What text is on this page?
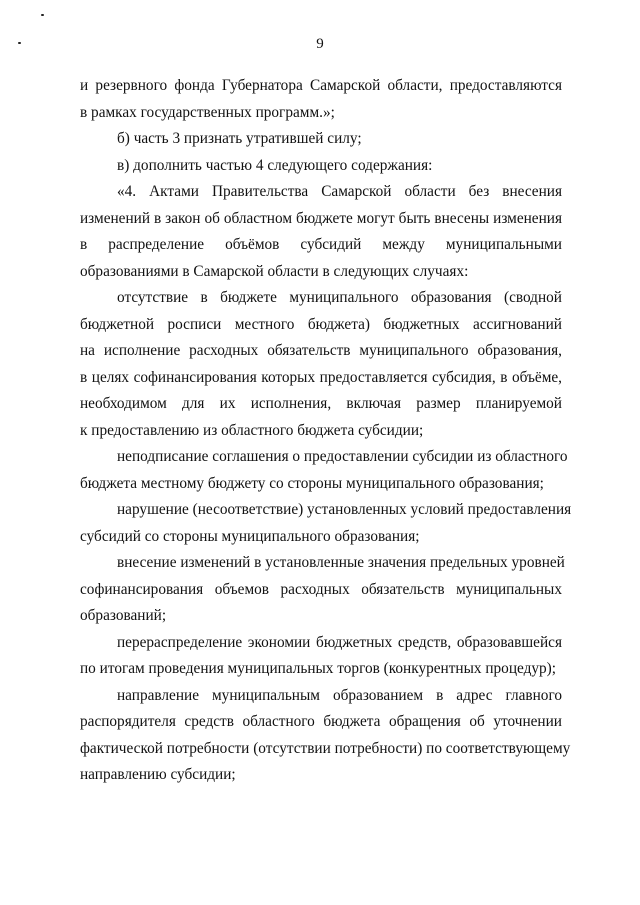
9
и резервного фонда Губернатора Самарской области, предоставляются
в рамках государственных программ.»;
б) часть 3 признать утратившей силу;
в) дополнить частью 4 следующего содержания:
«4. Актами Правительства Самарской области без внесения
изменений в закон об областном бюджете могут быть внесены изменения
в распределение объёмов субсидий между муниципальными
образованиями в Самарской области в следующих случаях:
отсутствие в бюджете муниципального образования (сводной
бюджетной росписи местного бюджета) бюджетных ассигнований
на исполнение расходных обязательств муниципального образования,
в целях софинансирования которых предоставляется субсидия, в объёме,
необходимом для их исполнения, включая размер планируемой
к предоставлению из областного бюджета субсидии;
неподписание соглашения о предоставлении субсидии из областного
бюджета местному бюджету со стороны муниципального образования;
нарушение (несоответствие) установленных условий предоставления
субсидий со стороны муниципального образования;
внесение изменений в установленные значения предельных уровней
софинансирования объемов расходных обязательств муниципальных
образований;
перераспределение экономии бюджетных средств, образовавшейся
по итогам проведения муниципальных торгов (конкурентных процедур);
направление муниципальным образованием в адрес главного
распорядителя средств областного бюджета обращения об уточнении
фактической потребности (отсутствии потребности) по соответствующему
направлению субсидии;
